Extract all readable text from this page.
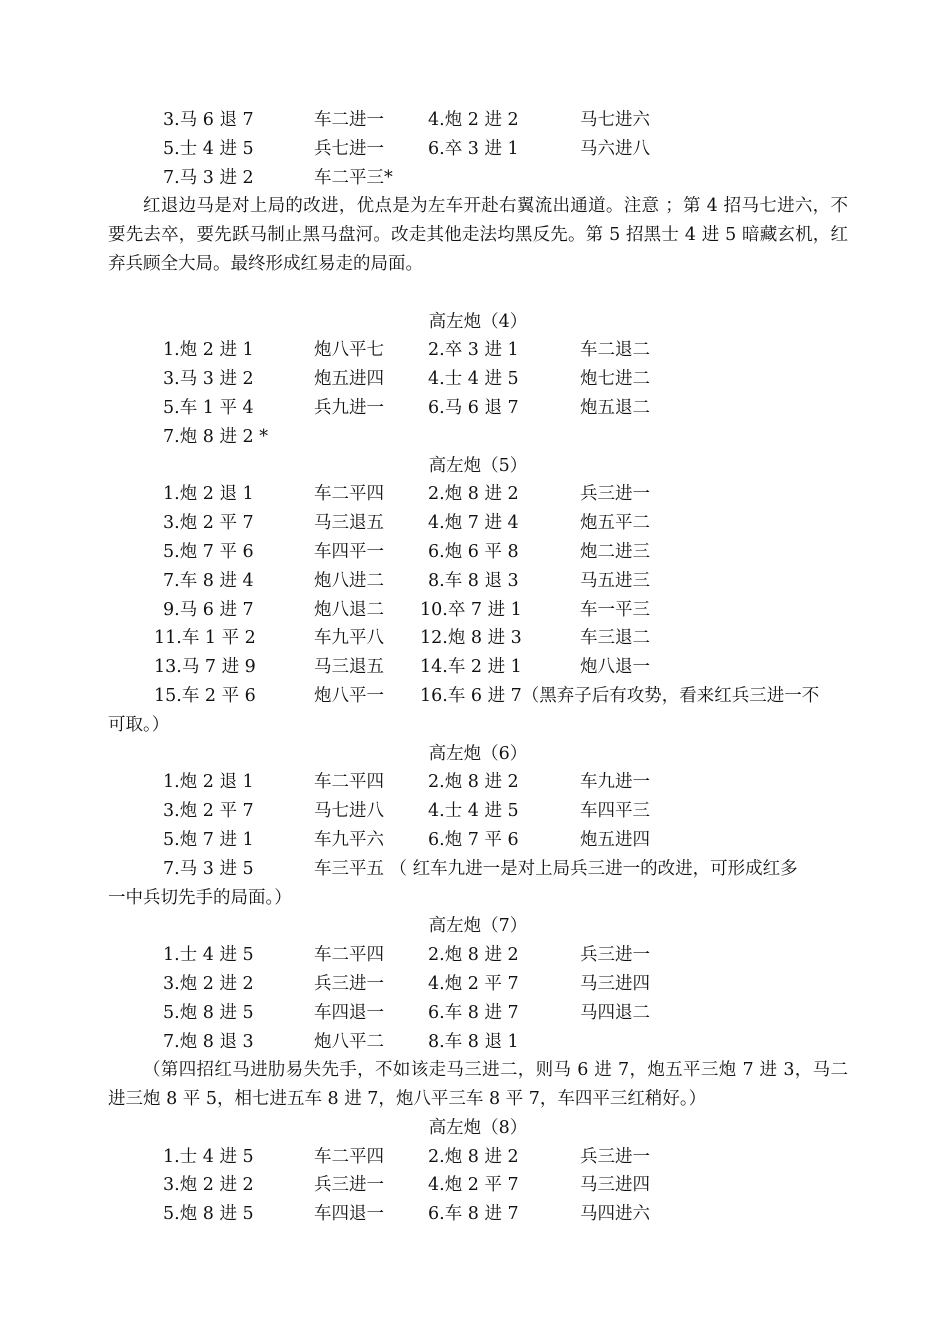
3.马 6 退 7	车二进一	4.炮 2 进 2	马七进六
5.士 4 进 5	兵七进一	6.卒 3 进 1	马六进八
7.马 3 进 2	车二平三*
红退边马是对上局的改进，优点是为左车开赴右翼流出通道。注意 ；第 4 招马七进六，不要先去卒，要先跃马制止黑马盘河。改走其他走法均黑反先。第 5 招黑士 4 进 5 暗藏玄机，红弃兵顾全大局。最终形成红易走的局面。
高左炮（4）
1.炮 2 进 1	炮八平七	2.卒 3 进 1	车二退二
3.马 3 进 2	炮五进四	4.士 4 进 5	炮七进二
5.车 1 平 4	兵九进一	6.马 6 退 7	炮五退二
7.炮 8 进 2 *
高左炮（5）
1.炮 2 退 1	车二平四	2.炮 8 进 2	兵三进一
3.炮 2 平 7	马三退五	4.炮 7 进 4	炮五平二
5.炮 7 平 6	车四平一	6.炮 6 平 8	炮二进三
7.车 8 进 4	炮八进二	8.车 8 退 3	马五进三
9.马 6 进 7	炮八退二 10.卒 7 进 1	车一平三
11.车 1 平 2	车九平八 12.炮 8 进 3	车三退二
13.马 7 进 9	马三退五 14.车 2 进 1	炮八退一
15.车 2 平 6	炮八平一 16.车 6 进 7（黑弃子后有攻势，看来红兵三进一不
可取。）
高左炮（6）
1.炮 2 退 1	车二平四	2.炮 8 进 2	车九进一
3.炮 2 平 7	马七进八	4.士 4 进 5	车四平三
5.炮 7 进 1	车九平六	6.炮 7 平 6	炮五进四
7.马 3 进 5	车三平五 （ 红车九进一是对上局兵三进一的改进，可形成红多
一中兵切先手的局面。）
高左炮（7）
1.士 4 进 5	车二平四	2.炮 8 进 2	兵三进一
3.炮 2 进 2	兵三进一	4.炮 2 平 7	马三进四
5.炮 8 进 5	车四退一	6.车 8 进 7	马四退二
7.炮 8 退 3	炮八平二	8.车 8 退 1
（第四招红马进肋易失先手，不如该走马三进二，则马 6 进 7，炮五平三炮 7 进 3，马二进三炮 8 平 5，相七进五车 8 进 7，炮八平三车 8 平 7，车四平三红稍好。）
高左炮（8）
1.士 4 进 5	车二平四	2.炮 8 进 2	兵三进一
3.炮 2 进 2	兵三进一	4.炮 2 平 7	马三进四
5.炮 8 进 5	车四退一	6.车 8 进 7	马四进六
